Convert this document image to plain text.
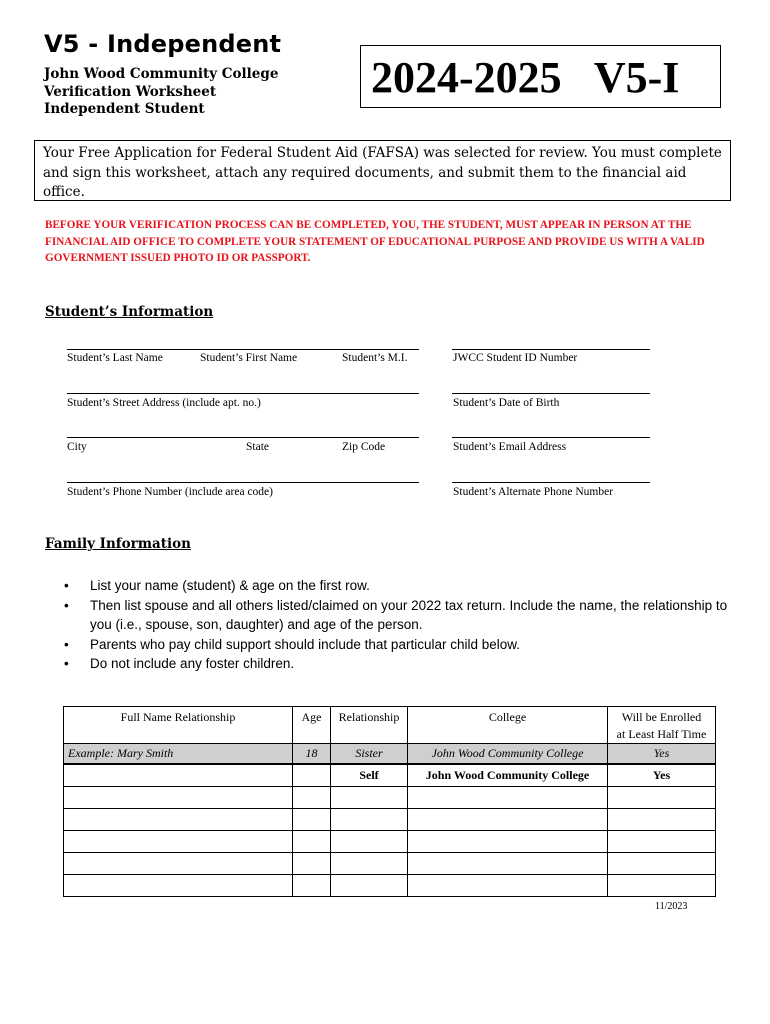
V5 - Independent
John Wood Community College
Verification Worksheet
Independent Student
2024-2025   V5-I
Your Free Application for Federal Student Aid (FAFSA) was selected for review. You must complete and sign this worksheet, attach any required documents, and submit them to the financial aid office.
BEFORE YOUR VERIFICATION PROCESS CAN BE COMPLETED, YOU, THE STUDENT, MUST APPEAR IN PERSON AT THE FINANCIAL AID OFFICE TO COMPLETE YOUR STATEMENT OF EDUCATIONAL PURPOSE AND PROVIDE US WITH A VALID GOVERNMENT ISSUED PHOTO ID OR PASSPORT.
Student’s Information
Student’s Last Name	Student’s First Name	Student’s M.I.	JWCC Student ID Number
Student’s Street Address (include apt. no.)	Student’s Date of Birth
City	State	Zip Code	Student’s Email Address
Student’s Phone Number (include area code)	Student’s Alternate Phone Number
Family Information
• List your name (student) & age on the first row.
• Then list spouse and all others listed/claimed on your 2022 tax return. Include the name, the relationship to you (i.e., spouse, son, daughter) and age of the person.
• Parents who pay child support should include that particular child below.
• Do not include any foster children.
Full Name Relationship	Age	Relationship	College	Will be Enrolled
at Least Half Time
Example: Mary Smith	18	Sister	John Wood Community College	Yes
		Self	John Wood Community College	Yes

11/2023
